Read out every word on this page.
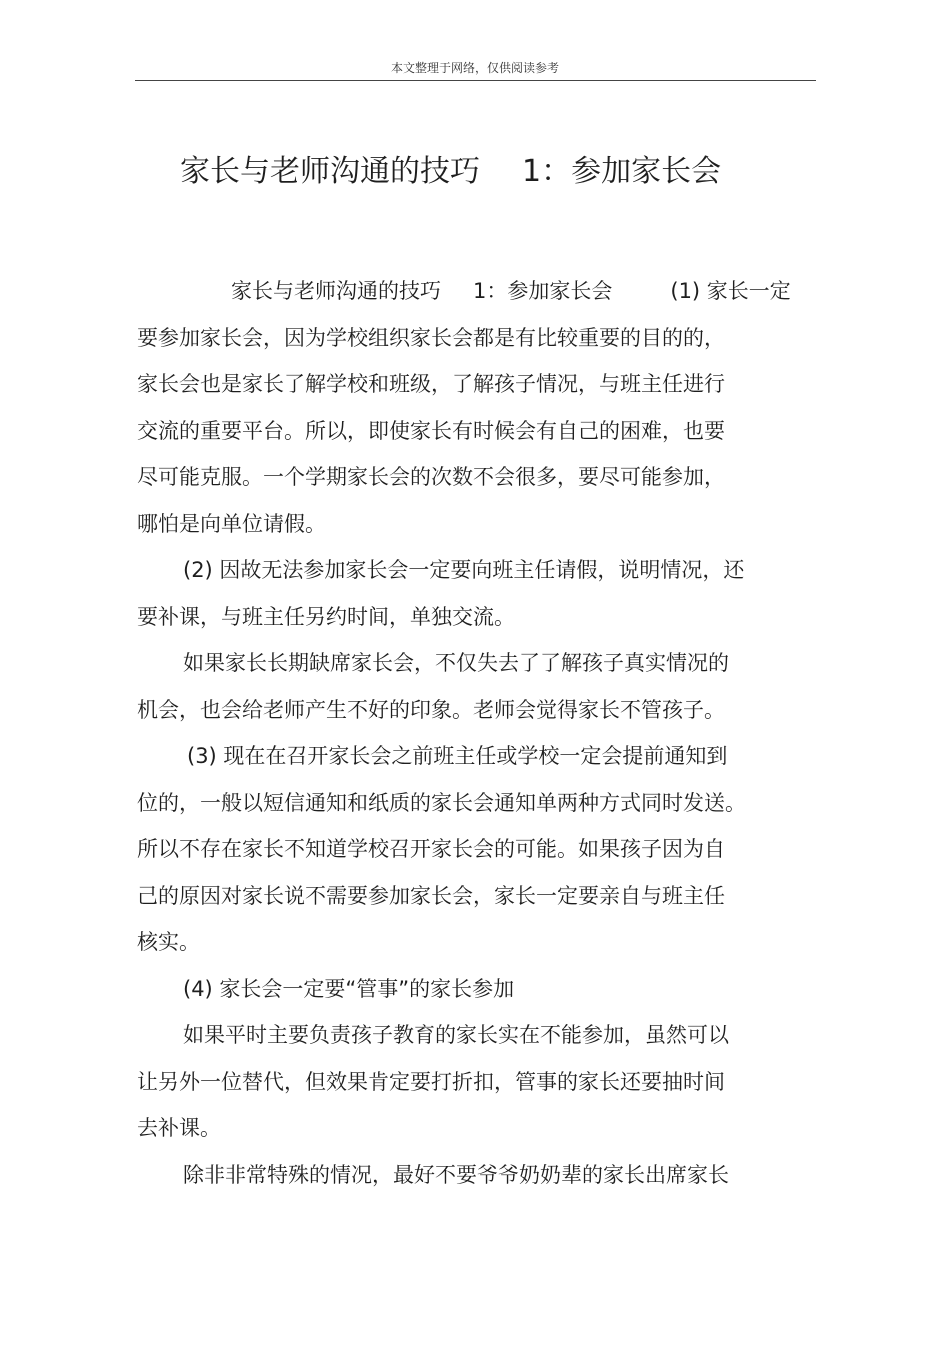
本文整理于网络，仅供阅读参考
家长与老师沟通的技巧 1：参加家长会
家长与老师沟通的技巧 1：参加家长会	(1) 家长一定
要参加家长会，因为学校组织家长会都是有比较重要的目的的，
家长会也是家长了解学校和班级，了解孩子情况，与班主任进行
交流的重要平台。所以，即使家长有时候会有自己的困难，也要
尽可能克服。一个学期家长会的次数不会很多，要尽可能参加，
哪怕是向单位请假。
(2) 因故无法参加家长会一定要向班主任请假，说明情况，还
要补课，与班主任另约时间，单独交流。
如果家长长期缺席家长会，不仅失去了了解孩子真实情况的
机会，也会给老师产生不好的印象。老师会觉得家长不管孩子。
(3) 现在在召开家长会之前班主任或学校一定会提前通知到
位的，一般以短信通知和纸质的家长会通知单两种方式同时发送。
所以不存在家长不知道学校召开家长会的可能。如果孩子因为自
己的原因对家长说不需要参加家长会，家长一定要亲自与班主任
核实。
(4) 家长会一定要“管事”的家长参加
如果平时主要负责孩子教育的家长实在不能参加，虽然可以
让另外一位替代，但效果肯定要打折扣，管事的家长还要抽时间
去补课。
除非非常特殊的情况，最好不要爷爷奶奶辈的家长出席家长
